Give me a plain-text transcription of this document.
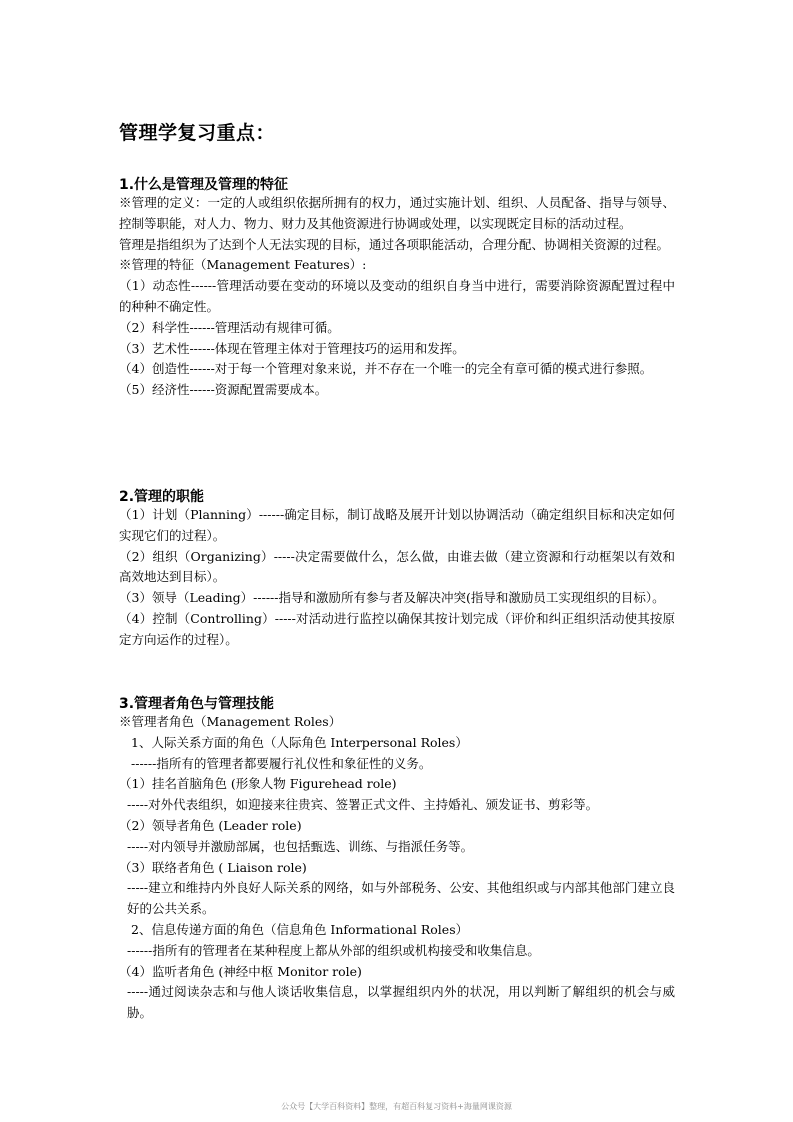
管理学复习重点：
1.什么是管理及管理的特征

※管理的定义：一定的人或组织依据所拥有的权力，通过实施计划、组织、人员配备、指导与领导、 控制等职能，对人力、物力、财力及其他资源进行协调或处理，以实现既定目标的活动过程。

管理是指组织为了达到个人无法实现的目标，通过各项职能活动，合理分配、协调相关资源的过程。

※管理的特征（Management Features）:

（1）动态性------管理活动要在变动的环境以及变动的组织自身当中进行，需要消除资源配置过程中的种种不确定性。

（2）科学性------管理活动有规律可循。

（3）艺术性------体现在管理主体对于管理技巧的运用和发挥。

（4）创造性------对于每一个管理对象来说，并不存在一个唯一的完全有章可循的模式进行参照。

（5）经济性------资源配置需要成本。

2.管理的职能

（1）计划（Planning）------确定目标，制订战略及展开计划以协调活动（确定组织目标和决定如何实现它们的过程）。

（2）组织（Organizing）-----决定需要做什么，怎么做，由谁去做（建立资源和行动框架以有效和高效地达到目标）。

（3）领导（Leading）------指导和激励所有参与者及解决冲突(指导和激励员工实现组织的目标）。

（4）控制（Controlling）-----对活动进行监控以确保其按计划完成（评价和纠正组织活动使其按原定方向运作的过程）。

3.管理者角色与管理技能

※管理者角色（Management Roles）

1、人际关系方面的角色（人际角色 Interpersonal Roles）

------指所有的管理者都要履行礼仪性和象征性的义务。

（1）挂名首脑角色 (形象人物 Figurehead role)

-----对外代表组织，如迎接来往贵宾、签署正式文件、主持婚礼、颁发证书、剪彩等。

（2）领导者角色 (Leader role)

-----对内领导并激励部属，也包括甄选、训练、与指派任务等。

（3）联络者角色 ( Liaison role)

-----建立和维持内外良好人际关系的网络，如与外部税务、公安、其他组织或与内部其他部门建立良好的公共关系。

2、信息传递方面的角色（信息角色 Informational Roles）

------指所有的管理者在某种程度上都从外部的组织或机构接受和收集信息。

（4）监听者角色 (神经中枢 Monitor role)

-----通过阅读杂志和与他人谈话收集信息，以掌握组织内外的状况，用以判断了解组织的机会与威胁。

公众号【大学百科资料】整理，有超百科复习资料+海量网课资源
